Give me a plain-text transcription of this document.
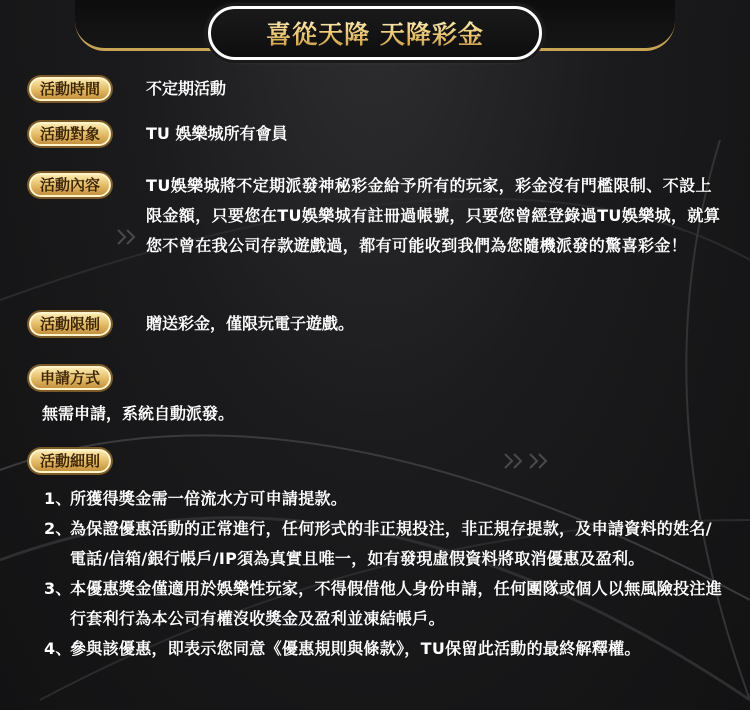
喜從天降 天降彩金
活動時間	不定期活動
活動對象	TU 娛樂城所有會員
活動內容	TU娛樂城將不定期派發神秘彩金給予所有的玩家，彩金沒有門檻限制、不設上限金額，只要您在TU娛樂城有註冊過帳號，只要您曾經登錄過TU娛樂城，就算您不曾在我公司存款遊戲過，都有可能收到我們為您隨機派發的驚喜彩金！
活動限制	贈送彩金，僅限玩電子遊戲。
申請方式
無需申請，系統自動派發。
活動細則
1、
所獲得獎金需一倍流水方可申請提款。
2、
為保證優惠活動的正常進行，任何形式的非正規投注，非正規存提款，及申請資料的姓名/電話/信箱/銀行帳戶/IP須為真實且唯一，如有發現虛假資料將取消優惠及盈利。
3、
本優惠獎金僅適用於娛樂性玩家，不得假借他人身份申請，任何團隊或個人以無風險投注進行套利行為本公司有權沒收獎金及盈利並凍結帳戶。
4、
參與該優惠，即表示您同意《優惠規則與條款》，TU保留此活動的最終解釋權。
